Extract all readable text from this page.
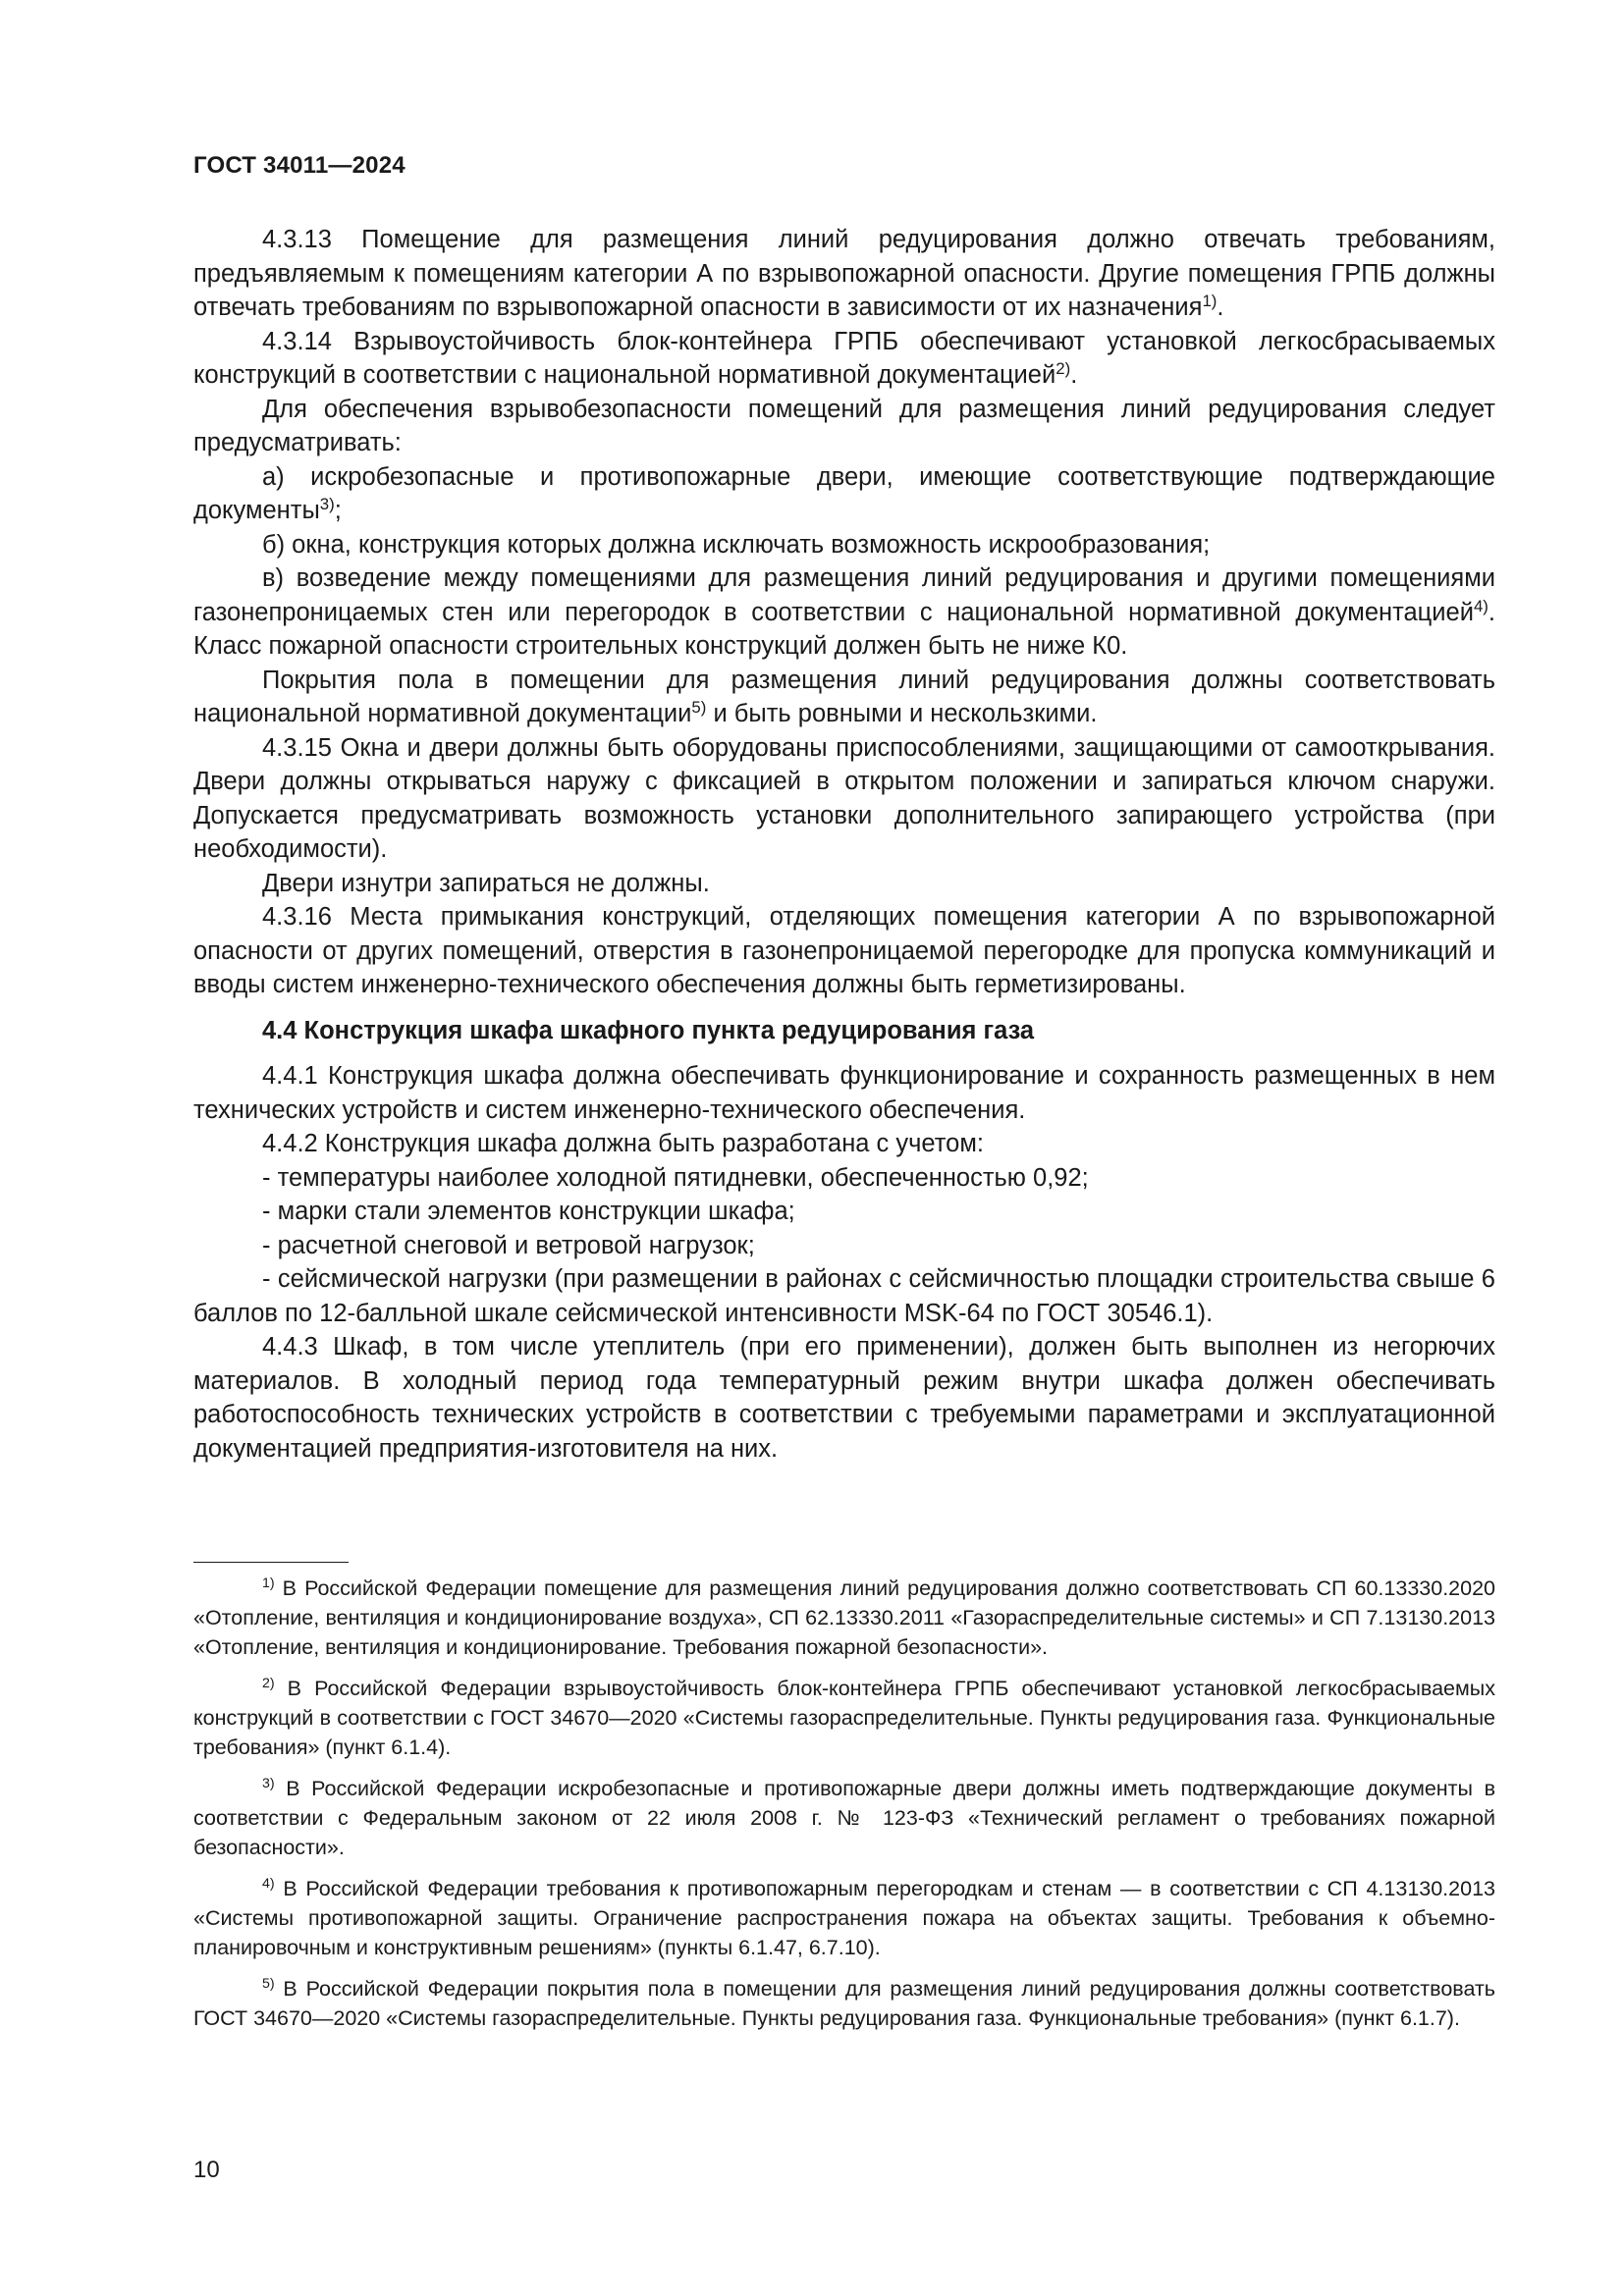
ГОСТ 34011—2024

4.3.13 Помещение для размещения линий редуцирования должно отвечать требованиям, предъявляемым к помещениям категории А по взрывопожарной опасности. Другие помещения ГРПБ должны отвечать требованиям по взрывопожарной опасности в зависимости от их назначения$^{1)}$.

4.3.14 Взрывоустойчивость блок-контейнера ГРПБ обеспечивают установкой легкосбрасываемых конструкций в соответствии с национальной нормативной документацией$^{2)}$.

Для обеспечения взрывобезопасности помещений для размещения линий редуцирования следует предусматривать:

а) искробезопасные и противопожарные двери, имеющие соответствующие подтверждающие документы$^{3)}$;

б) окна, конструкция которых должна исключать возможность искрообразования;

в) возведение между помещениями для размещения линий редуцирования и другими помещениями газонепроницаемых стен или перегородок в соответствии с национальной нормативной документацией$^{4)}$. Класс пожарной опасности строительных конструкций должен быть не ниже К0.

Покрытия пола в помещении для размещения линий редуцирования должны соответствовать национальной нормативной документации$^{5)}$ и быть ровными и нескользкими.

4.3.15 Окна и двери должны быть оборудованы приспособлениями, защищающими от самооткрывания. Двери должны открываться наружу с фиксацией в открытом положении и запираться ключом снаружи. Допускается предусматривать возможность установки дополнительного запирающего устройства (при необходимости).

Двери изнутри запираться не должны.

4.3.16 Места примыкания конструкций, отделяющих помещения категории А по взрывопожарной опасности от других помещений, отверстия в газонепроницаемой перегородке для пропуска коммуникаций и вводы систем инженерно-технического обеспечения должны быть герметизированы.

4.4 Конструкция шкафа шкафного пункта редуцирования газа

4.4.1 Конструкция шкафа должна обеспечивать функционирование и сохранность размещенных в нем технических устройств и систем инженерно-технического обеспечения.

4.4.2 Конструкция шкафа должна быть разработана с учетом:

- температуры наиболее холодной пятидневки, обеспеченностью 0,92;

- марки стали элементов конструкции шкафа;

- расчетной снеговой и ветровой нагрузок;

- сейсмической нагрузки (при размещении в районах с сейсмичностью площадки строительства свыше 6 баллов по 12-балльной шкале сейсмической интенсивности MSK-64 по ГОСТ 30546.1).

4.4.3 Шкаф, в том числе утеплитель (при его применении), должен быть выполнен из негорючих материалов. В холодный период года температурный режим внутри шкафа должен обеспечивать работоспособность технических устройств в соответствии с требуемыми параметрами и эксплуатационной документацией предприятия-изготовителя на них.

$^{1)}$ В Российской Федерации помещение для размещения линий редуцирования должно соответствовать СП 60.13330.2020 «Отопление, вентиляция и кондиционирование воздуха», СП 62.13330.2011 «Газораспределительные системы» и СП 7.13130.2013 «Отопление, вентиляция и кондиционирование. Требования пожарной безопасности».

$^{2)}$ В Российской Федерации взрывоустойчивость блок-контейнера ГРПБ обеспечивают установкой легкосбрасываемых конструкций в соответствии с ГОСТ 34670—2020 «Системы газораспределительные. Пункты редуцирования газа. Функциональные требования» (пункт 6.1.4).

$^{3)}$ В Российской Федерации искробезопасные и противопожарные двери должны иметь подтверждающие документы в соответствии с Федеральным законом от 22 июля 2008 г. № 123-ФЗ «Технический регламент о требованиях пожарной безопасности».

$^{4)}$ В Российской Федерации требования к противопожарным перегородкам и стенам — в соответствии с СП 4.13130.2013 «Системы противопожарной защиты. Ограничение распространения пожара на объектах защиты. Требования к объемно-планировочным и конструктивным решениям» (пункты 6.1.47, 6.7.10).

$^{5)}$ В Российской Федерации покрытия пола в помещении для размещения линий редуцирования должны соответствовать ГОСТ 34670—2020 «Системы газораспределительные. Пункты редуцирования газа. Функциональные требования» (пункт 6.1.7).

10
